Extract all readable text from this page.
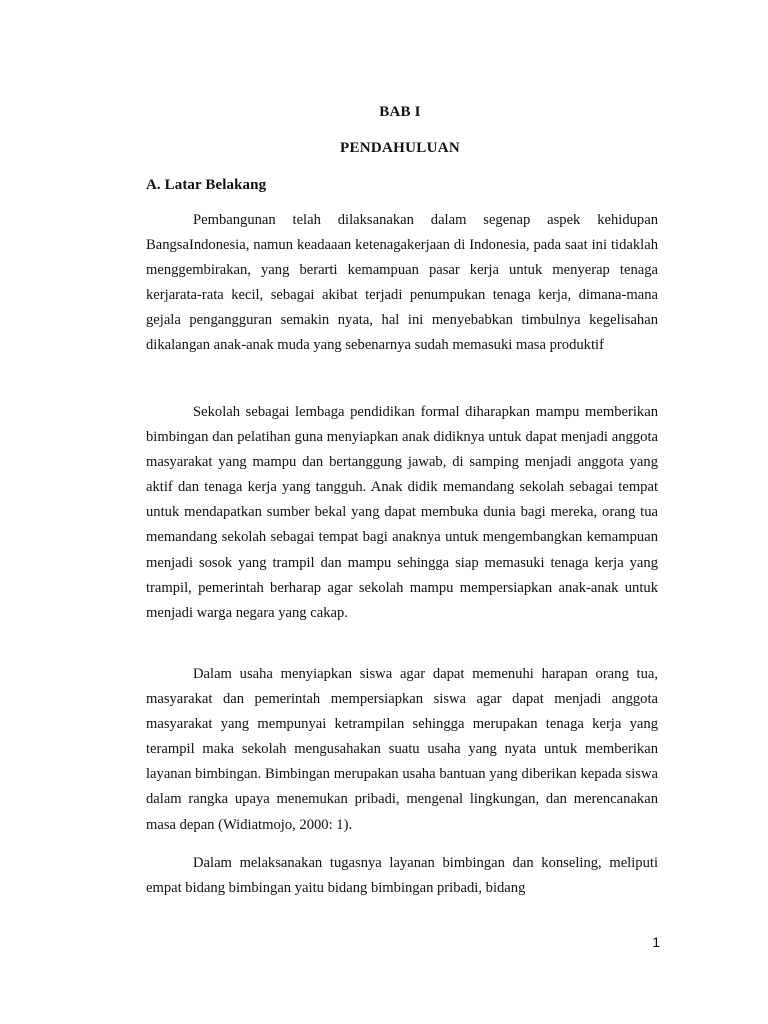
BAB I
PENDAHULUAN
A. Latar Belakang

Pembangunan telah dilaksanakan dalam segenap aspek kehidupan BangsaIndonesia, namun keadaaan ketenagakerjaan di Indonesia, pada saat ini tidaklah menggembirakan, yang berarti kemampuan pasar kerja untuk menyerap tenaga kerjarata-rata kecil, sebagai akibat terjadi penumpukan tenaga kerja, dimana-mana gejala pengangguran semakin nyata, hal ini menyebabkan timbulnya kegelisahan dikalangan anak-anak muda yang sebenarnya sudah memasuki masa produktif

Sekolah sebagai lembaga pendidikan formal diharapkan mampu memberikan bimbingan dan pelatihan guna menyiapkan anak didiknya untuk dapat menjadi anggota masyarakat yang mampu dan bertanggung jawab, di samping menjadi anggota yang aktif dan tenaga kerja yang tangguh. Anak didik memandang sekolah sebagai tempat untuk mendapatkan sumber bekal yang dapat membuka dunia bagi mereka, orang tua memandang sekolah sebagai tempat bagi anaknya untuk mengembangkan kemampuan menjadi sosok yang trampil dan mampu sehingga siap memasuki tenaga kerja yang trampil, pemerintah berharap agar sekolah mampu mempersiapkan anak-anak untuk menjadi warga negara yang cakap.

Dalam usaha menyiapkan siswa agar dapat memenuhi harapan orang tua, masyarakat dan pemerintah mempersiapkan siswa agar dapat menjadi anggota masyarakat yang mempunyai ketrampilan sehingga merupakan tenaga kerja yang terampil maka sekolah mengusahakan suatu usaha yang nyata untuk memberikan layanan bimbingan. Bimbingan merupakan usaha bantuan yang diberikan kepada siswa dalam rangka upaya menemukan pribadi, mengenal lingkungan, dan merencanakan masa depan (Widiatmojo, 2000: 1).

Dalam melaksanakan tugasnya layanan bimbingan dan konseling, meliputi empat bidang bimbingan yaitu bidang bimbingan pribadi, bidang

1
